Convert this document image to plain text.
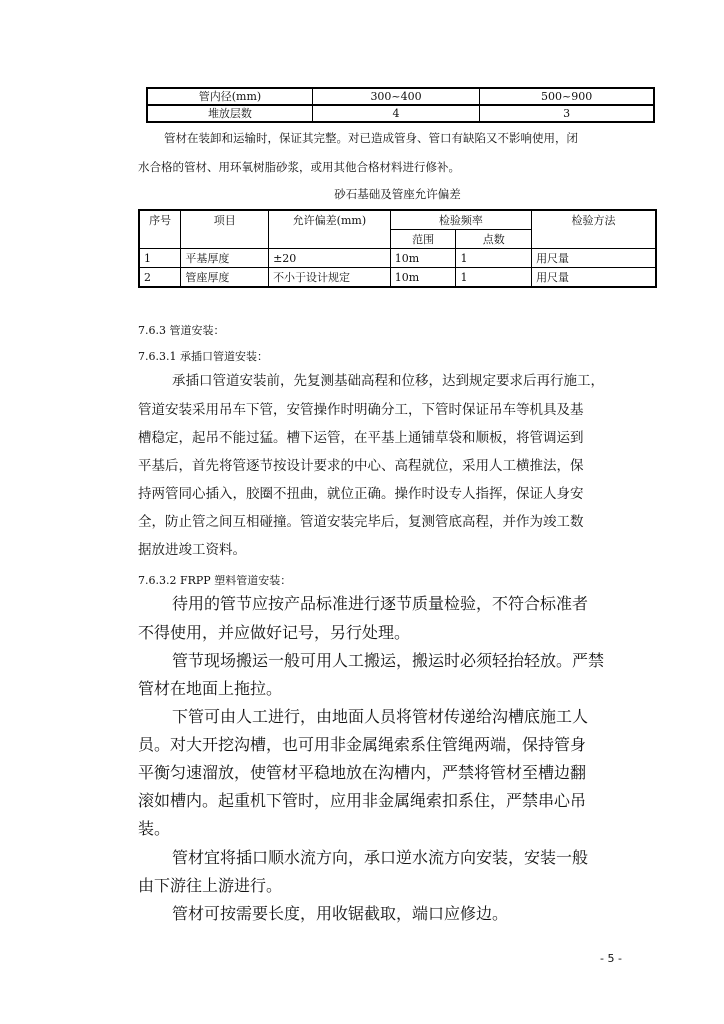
管内径(mm)	300~400	500~900
堆放层数	4	3
管材在装卸和运输时，保证其完整。对已造成管身、管口有缺陷又不影响使用，闭
水合格的管材、用环氧树脂砂浆，或用其他合格材料进行修补。
砂石基础及管座允许偏差
序号	项目	允许偏差(mm)	检验频率		检验方法
			范围	点数	
1	平基厚度	±20	10m	1	用尺量
2	管座厚度	不小于设计规定	10m	1	用尺量
7.6.3 管道安装：
7.6.3.1 承插口管道安装：
承插口管道安装前，先复测基础高程和位移，达到规定要求后再行施工，
管道安装采用吊车下管，安管操作时明确分工，下管时保证吊车等机具及基
槽稳定，起吊不能过猛。槽下运管，在平基上通铺草袋和顺板，将管调运到
平基后，首先将管逐节按设计要求的中心、高程就位，采用人工横推法，保
持两管同心插入，胶圈不扭曲，就位正确。操作时设专人指挥，保证人身安
全，防止管之间互相碰撞。管道安装完毕后，复测管底高程，并作为竣工数
据放进竣工资料。
7.6.3.2 FRPP 塑料管道安装：
待用的管节应按产品标准进行逐节质量检验，不符合标准者
不得使用，并应做好记号，另行处理。
管节现场搬运一般可用人工搬运，搬运时必须轻抬轻放。严禁
管材在地面上拖拉。
下管可由人工进行，由地面人员将管材传递给沟槽底施工人
员。对大开挖沟槽，也可用非金属绳索系住管绳两端，保持管身
平衡匀速溜放，使管材平稳地放在沟槽内，严禁将管材至槽边翻
滚如槽内。起重机下管时，应用非金属绳索扣系住，严禁串心吊
装。
管材宜将插口顺水流方向，承口逆水流方向安装，安装一般
由下游往上游进行。
管材可按需要长度，用收锯截取，端口应修边。
- 5 -
